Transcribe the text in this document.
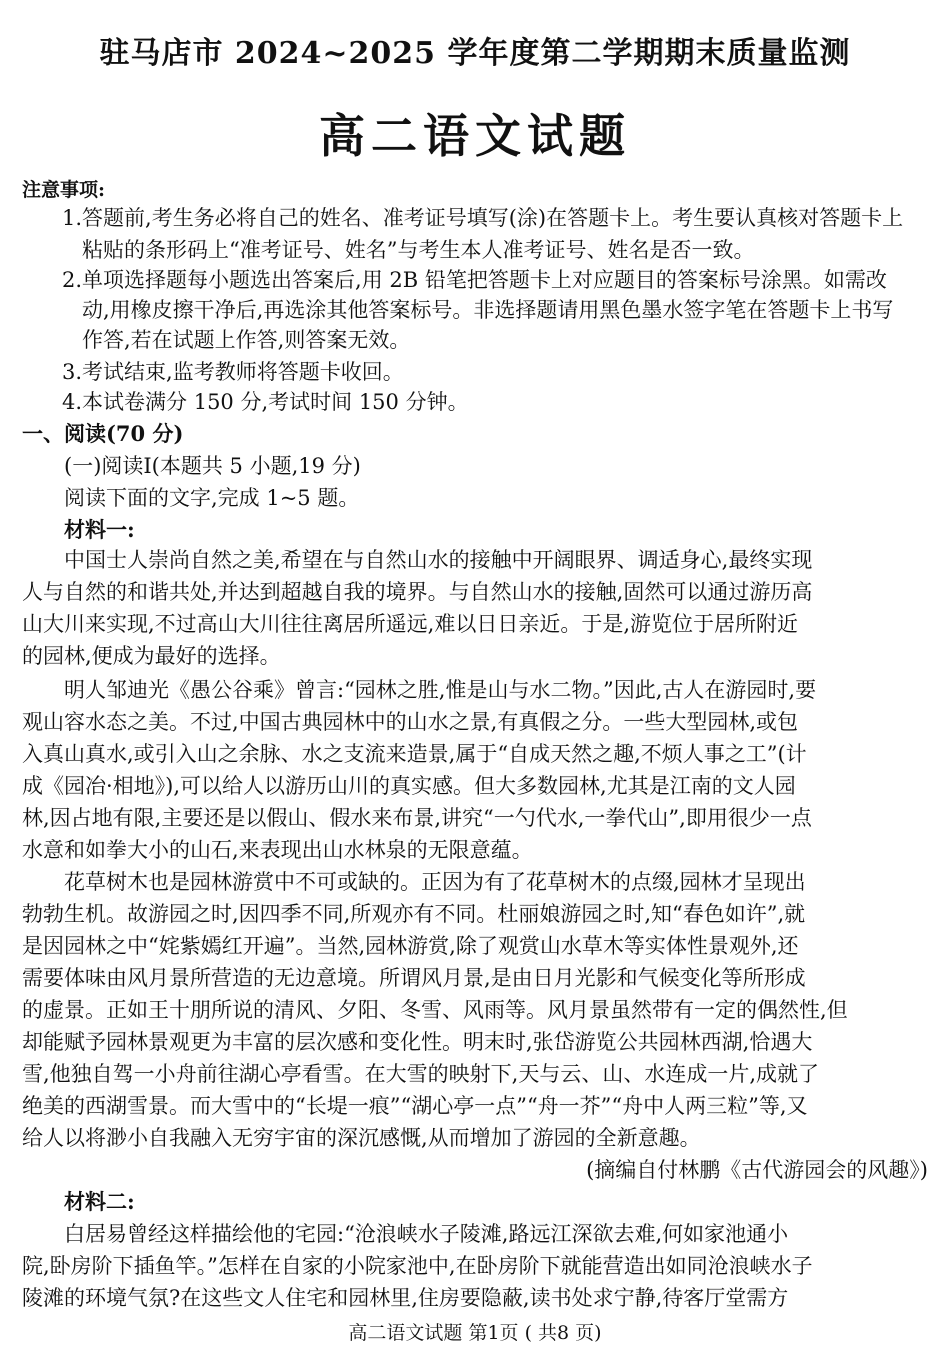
驻马店市 2024~2025 学年度第二学期期末质量监测
高二语文试题
注意事项:
1.答题前,考生务必将自己的姓名、准考证号填写(涂)在答题卡上。考生要认真核对答题卡上
粘贴的条形码上“准考证号、姓名”与考生本人准考证号、姓名是否一致。
2.单项选择题每小题选出答案后,用 2B 铅笔把答题卡上对应题目的答案标号涂黑。如需改
动,用橡皮擦干净后,再选涂其他答案标号。非选择题请用黑色墨水签字笔在答题卡上书写
作答,若在试题上作答,则答案无效。
3.考试结束,监考教师将答题卡收回。
4.本试卷满分 150 分,考试时间 150 分钟。
一、阅读(70 分)
(一)阅读Ⅰ(本题共 5 小题,19 分)
阅读下面的文字,完成 1~5 题。
材料一:
中国士人崇尚自然之美,希望在与自然山水的接触中开阔眼界、调适身心,最终实现
人与自然的和谐共处,并达到超越自我的境界。与自然山水的接触,固然可以通过游历高
山大川来实现,不过高山大川往往离居所遥远,难以日日亲近。于是,游览位于居所附近
的园林,便成为最好的选择。
明人邹迪光《愚公谷乘》曾言:“园林之胜,惟是山与水二物。”因此,古人在游园时,要
观山容水态之美。不过,中国古典园林中的山水之景,有真假之分。一些大型园林,或包
入真山真水,或引入山之余脉、水之支流来造景,属于“自成天然之趣,不烦人事之工”(计
成《园冶·相地》),可以给人以游历山川的真实感。但大多数园林,尤其是江南的文人园
林,因占地有限,主要还是以假山、假水来布景,讲究“一勺代水,一拳代山”,即用很少一点
水意和如拳大小的山石,来表现出山水林泉的无限意蕴。
花草树木也是园林游赏中不可或缺的。正因为有了花草树木的点缀,园林才呈现出
勃勃生机。故游园之时,因四季不同,所观亦有不同。杜丽娘游园之时,知“春色如许”,就
是因园林之中“姹紫嫣红开遍”。当然,园林游赏,除了观赏山水草木等实体性景观外,还
需要体味由风月景所营造的无边意境。所谓风月景,是由日月光影和气候变化等所形成
的虚景。正如王十朋所说的清风、夕阳、冬雪、风雨等。风月景虽然带有一定的偶然性,但
却能赋予园林景观更为丰富的层次感和变化性。明末时,张岱游览公共园林西湖,恰遇大
雪,他独自驾一小舟前往湖心亭看雪。在大雪的映射下,天与云、山、水连成一片,成就了
绝美的西湖雪景。而大雪中的“长堤一痕”“湖心亭一点”“舟一芥”“舟中人两三粒”等,又
给人以将渺小自我融入无穷宇宙的深沉感慨,从而增加了游园的全新意趣。
(摘编自付林鹏《古代游园会的风趣》)
材料二:
白居易曾经这样描绘他的宅园:“沧浪峡水子陵滩,路远江深欲去难,何如家池通小
院,卧房阶下插鱼竿。”怎样在自家的小院家池中,在卧房阶下就能营造出如同沧浪峡水子
陵滩的环境气氛?在这些文人住宅和园林里,住房要隐蔽,读书处求宁静,待客厅堂需方
高二语文试题 第1页 ( 共8 页)
